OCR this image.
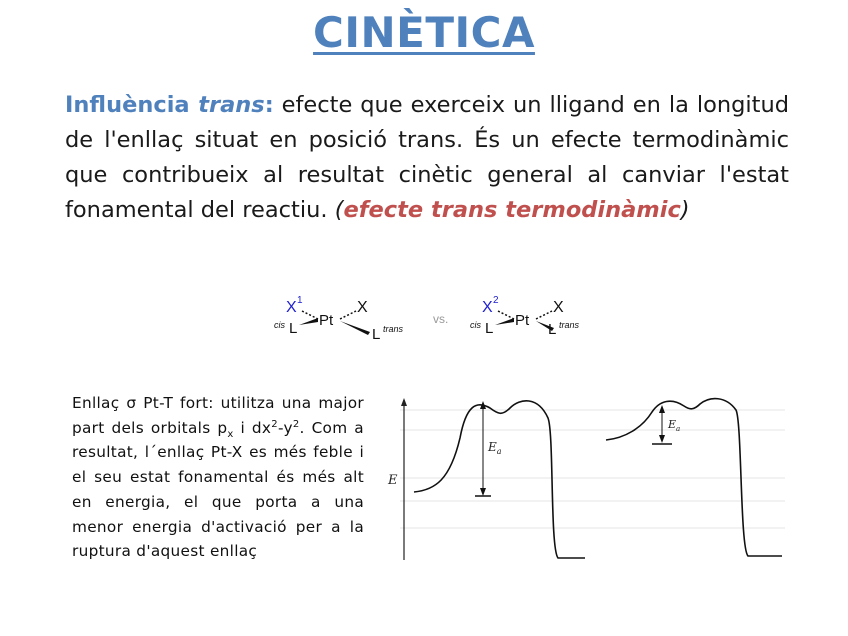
CINÈTICA
Influència trans: efecte que exerceix un lligand en la longitud de l'enllaç situat en posició trans. És un efecte termodinàmic que contribueix al resultat cinètic general al canviar l'estat fonamental del reactiu. (efecte trans termodinàmic)
X 1
Pt
X
cis L	L trans
vs.
X 2
Pt
X
cis L	L trans
Enllaç σ Pt-T fort: utilitza una major part dels orbitals $p_x$ i $dx^2-y^2$. Com a resultat, l´enllaç Pt-X es més feble i el seu estat fonamental és més alt en energia, el que porta a una menor energia d'activació per a la ruptura d'aquest enllaç
E
$E_a$
$E_a$
